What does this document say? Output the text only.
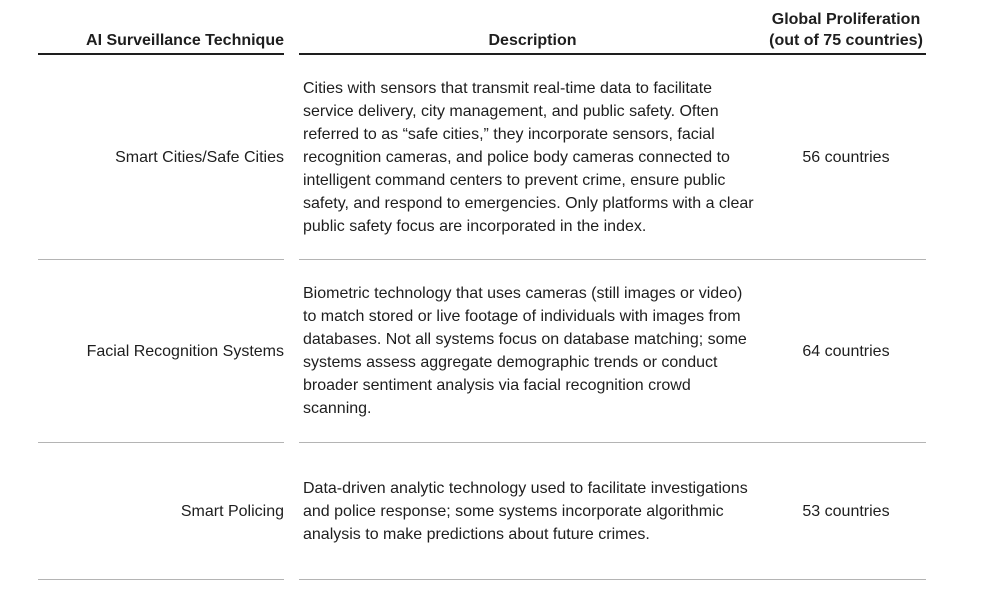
AI Surveillance Technique	Description
Global Proliferation
(out of 75 countries)
Smart Cities/Safe Cities
Cities with sensors that transmit real-time data to facilitate service delivery, city management, and public safety. Often referred to as “safe cities,” they incorporate sensors, facial recognition cameras, and police body cameras connected to intelligent command centers to prevent crime, ensure public safety, and respond to emergencies. Only platforms with a clear public safety focus are incorporated in the index.
56 countries
Facial Recognition Systems
Biometric technology that uses cameras (still images or video) to match stored or live footage of individuals with images from databases. Not all systems focus on database matching; some systems assess aggregate demographic trends or conduct broader sentiment analysis via facial recognition crowd scanning.
64 countries
Smart Policing
Data-driven analytic technology used to facilitate investigations and police response; some systems incorporate algorithmic analysis to make predictions about future crimes.
53 countries
